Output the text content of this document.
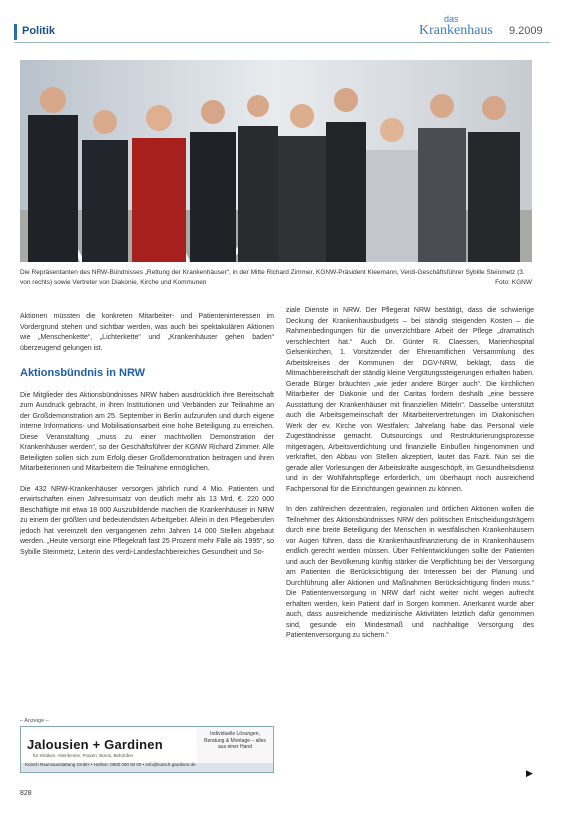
Politik
das
Krankenhaus 9.2009
Die Repräsentanten des NRW-Bündnisses „Rettung der Krankenhäuser“, in der Mitte Richard Zimmer, KGNW-Präsident Kleemann, Verdi-Geschäftsführer Sybille Steinmetz (3. von rechts) sowie Vertreter von Diakonie, Kirche und Kommunen	Foto: KGNW

Aktionen müssten die konkreten Mitarbeiter- und Patienteninteressen im Vordergrund stehen und sichtbar werden, was auch bei spektakulären Aktionen wie „Menschenkette“, „Lichterkette“ und „Krankenhäuser gehen baden“ überzeugend gelungen ist.

Aktionsbündnis in NRW

Die Mitglieder des Aktionsbündnisses NRW haben ausdrücklich ihre Bereitschaft zum Ausdruck gebracht, in ihren Institutionen und Verbänden zur Teilnahme an der Großdemonstration am 25. September in Berlin aufzurufen und durch eigene interne Informations- und Mobilisationsarbeit eine hohe Beteiligung zu erreichen. Diese Veranstaltung „muss zu einer machtvollen Demonstration der Krankenhäuser werden“, so der Geschäftsführer der KGNW Richard Zimmer. Alle Beteiligten sollen sich zum Erfolg dieser Großdemonstration beitragen und ihren Mitarbeiterinnen und Mitarbeitern die Teilnahme ermöglichen.

Die 432 NRW-Krankenhäuser versorgen jährlich rund 4 Mio. Patienten und erwirtschaften einen Jahresumsatz von deutlich mehr als 13 Mrd. €. 220 000 Beschäftigte mit etwa 18 000 Auszubildende machen die Krankenhäuser in NRW zu einem der größten und bedeutendsten Arbeitgeber. Allein in den Pflegeberufen jedoch hat vereinzelt den vergangenen zehn Jahren 14 000 Stellen abgebaut werden. „Heute versorgt eine Pflegekraft fast 25 Prozent mehr Fälle als 1995“, so Sybille Steinmetz, Leiterin des verdi-Landesfachbereiches Gesundheit und So-

ziale Dienste in NRW. Der Pflegerat NRW bestätigt, dass die schwierige Deckung der Krankenhausbudgets – bei ständig steigenden Kosten – die Rahmenbedingungen für die unverzichtbare Arbeit der Pflege „dramatisch verschlechtert hat.“ Auch Dr. Günter R. Claessen, Marienhospital Gelsenkirchen, 1. Vorsitzender der Ehrenamtlichen Versammlung des Arbeitskreises der Kommunen der DGV-NRW, beklagt, dass die Mitmachbereitschaft der ständig kleine Vergütungssteigerungen erhalten haben. Gerade Bürger bräuchten „wie jeder andere Bürger auch“. Die kirchlichen Mitarbeiter der Diakonie und der Caritas fordern deshalb „eine bessere Ausstattung der Krankenhäuser mit finanziellen Mitteln“. Dasselbe unterstützt auch die Arbeitsgemeinschaft der Mitarbeitervertretungen im Diakonischen Werk der ev. Kirche von Westfalen: Jahrelang habe das Personal viele Zugeständnisse gemacht. Outsourcings und Restrukturierungsprozesse mitgetragen, Arbeitsverdichtung und finanzielle Einbußen hingenommen und verkraftet, den Abbau von Stellen akzeptiert, lautet das Fazit. Nun sei die gerade aller Vorlesungen der Arbeitskräfte ausgeschöpft, im Gesundheitsdienst und in der Wohlfahrtspflege erforderlich, um überhaupt noch ausreichend Fachpersonal für die Einrichtungen gewinnen zu können.

In den zahlreichen dezentralen, regionalen und örtlichen Aktionen wollen die Teilnehmer des Aktionsbündnisses NRW den politischen Entscheidungsträgern durch eine breite Beteiligung der Menschen in westfälischen Krankenhäusern vor Augen führen, dass die Krankenhausfinanzierung die in Krankenhäusern endlich gerecht werden müssen. Über Fehlentwicklungen sollte der Patienten und auch der Bevölkerung künftig stärker die Verpflichtung bei der Versorgung am Patienten die Berücksichtigung der Interessen bei der Planung und Durchführung aller Aktionen und Maßnahmen Berücksichtigung finden muss.“ Die Patientenversorgung in NRW darf nicht weiter nicht wegen aufrecht erhalten werden, kein Patient darf in Sorgen kommen. Anerkannt wurde aber auch, dass ausreichende medizinische Aktivitäten letztlich dafür genommen sind, gesunde ein Mindestmaß und nachhaltige Versorgung des Patientenversorgung zu sichern.“

– Anzeige –
Jalousien + Gardinen
für Kliniken, Altenheime, Praxen, Büros, Behörden
Individuelle Lösungen, Beratung & Montage – alles aus einer Hand
Kutsch Raumausstattung GmbH • Hotline: 0800 000 00 00 • info@kutsch-gardinen.de
▶
828
